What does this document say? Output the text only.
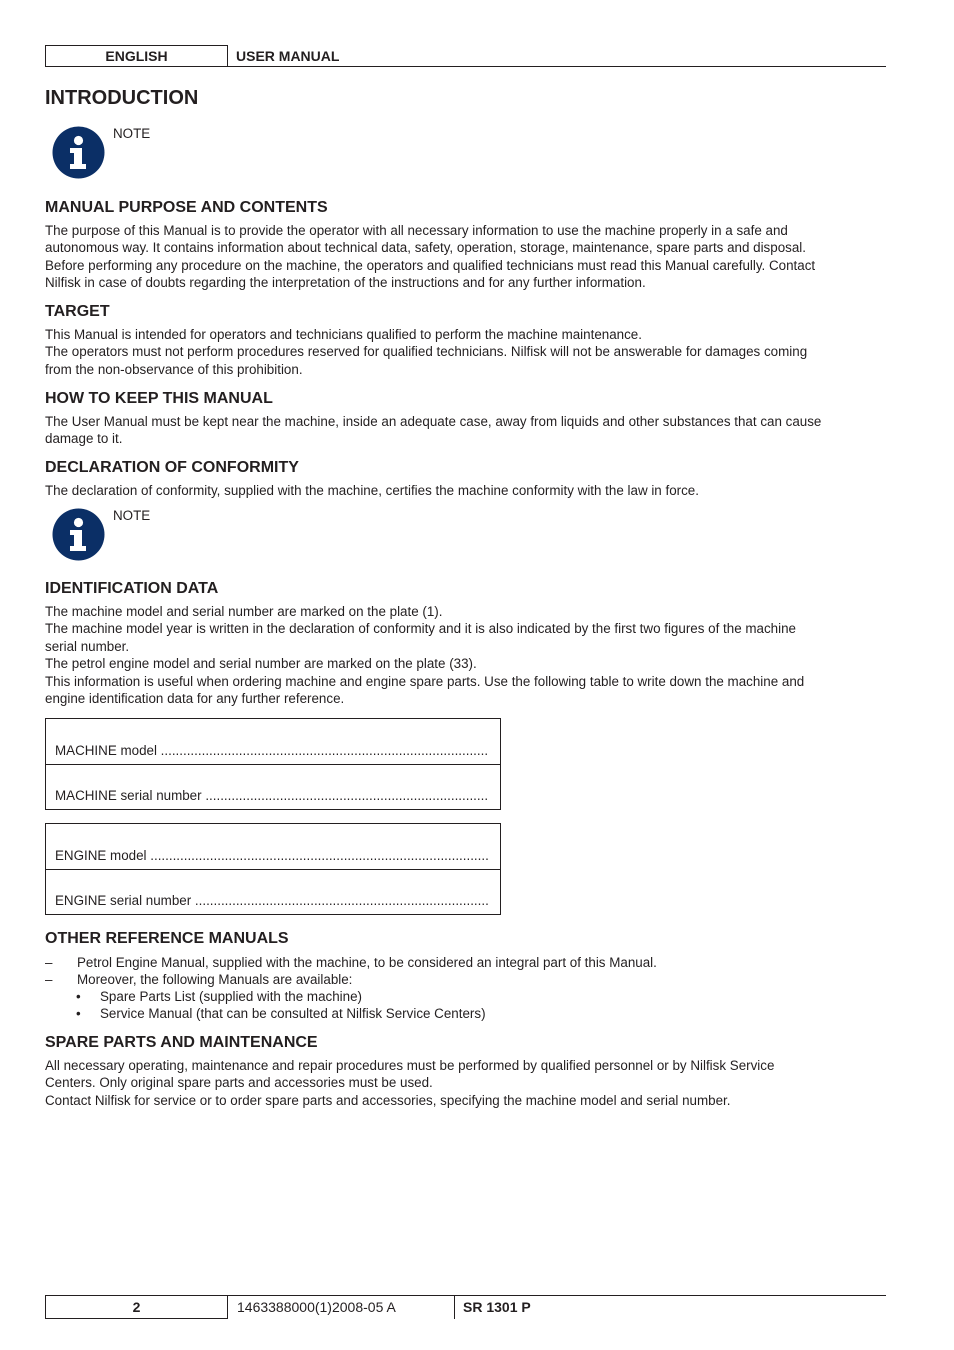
ENGLISH	USER MANUAL
INTRODUCTION
NOTE
MANUAL PURPOSE AND CONTENTS
The purpose of this Manual is to provide the operator with all necessary information to use the machine properly in a safe and
autonomous way. It contains information about technical data, safety, operation, storage, maintenance, spare parts and disposal.
Before performing any procedure on the machine, the operators and qualified technicians must read this Manual carefully. Contact
Nilfisk in case of doubts regarding the interpretation of the instructions and for any further information.
TARGET
This Manual is intended for operators and technicians qualified to perform the machine maintenance.
The operators must not perform procedures reserved for qualified technicians. Nilfisk will not be answerable for damages coming
from the non-observance of this prohibition.
HOW TO KEEP THIS MANUAL
The User Manual must be kept near the machine, inside an adequate case, away from liquids and other substances that can cause
damage to it.
DECLARATION OF CONFORMITY
The declaration of conformity, supplied with the machine, certifies the machine conformity with the law in force.
NOTE
IDENTIFICATION DATA
The machine model and serial number are marked on the plate (1).
The machine model year is written in the declaration of conformity and it is also indicated by the first two figures of the machine
serial number.
The petrol engine model and serial number are marked on the plate (33).
This information is useful when ordering machine and engine spare parts. Use the following table to write down the machine and
engine identification data for any further reference.
MACHINE model .....
MACHINE serial number .....
ENGINE model .....
ENGINE serial number .....
OTHER REFERENCE MANUALS
– Petrol Engine Manual, supplied with the machine, to be considered an integral part of this Manual.
– Moreover, the following Manuals are available:
• Spare Parts List (supplied with the machine)
• Service Manual (that can be consulted at Nilfisk Service Centers)
SPARE PARTS AND MAINTENANCE
All necessary operating, maintenance and repair procedures must be performed by qualified personnel or by Nilfisk Service
Centers. Only original spare parts and accessories must be used.
Contact Nilfisk for service or to order spare parts and accessories, specifying the machine model and serial number.
2	1463388000(1)2008-05 A	SR 1301 P
